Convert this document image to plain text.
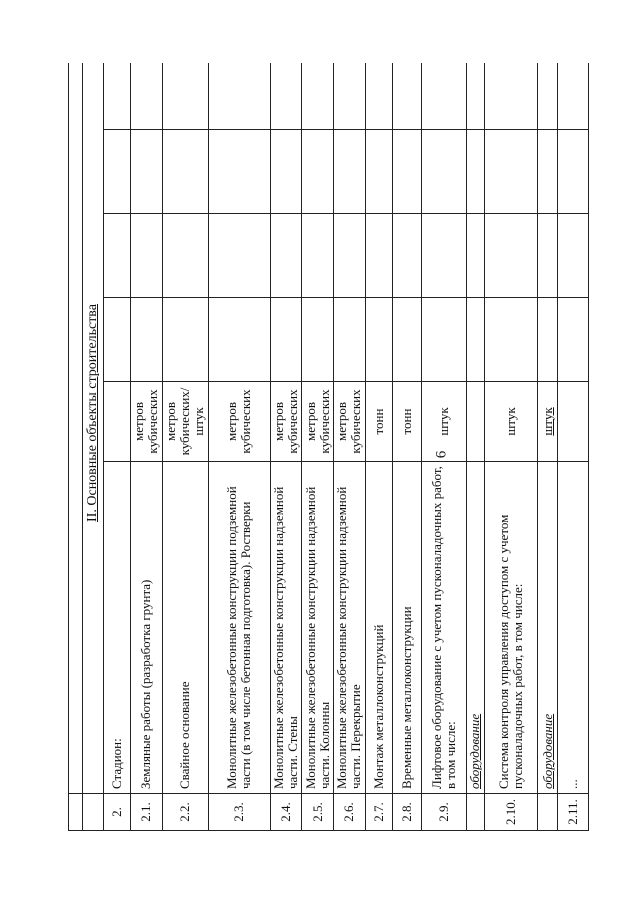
6

	II. Основные объекты строительства					
2.	Стадион:					
2.1.	Земляные работы (разработка грунта)	метров кубических				
2.2.	Свайное основание	метров кубических/ штук				
2.3.	Монолитные железобетонные конструкции подземной части (в том числе бетонная подготовка). Ростверки	метров кубических				
2.4.	Монолитные железобетонные конструкции надземной части. Стены	метров кубических				
2.5.	Монолитные железобетонные конструкции надземной части. Колонны	метров кубических				
2.6.	Монолитные железобетонные конструкции надземной части. Перекрытие	метров кубических				
2.7.	Монтаж металлоконструкций	тонн				
2.8.	Временные металлоконструкции	тонн				
2.9.	Лифтовое оборудование с учетом пусконаладочных работ, в том числе:	штук				
	оборудование					
2.10.	Система контроля управления доступом с учетом пусконаладочных работ, в том числе:	штук				
	оборудование	штук				
2.11.	...					
